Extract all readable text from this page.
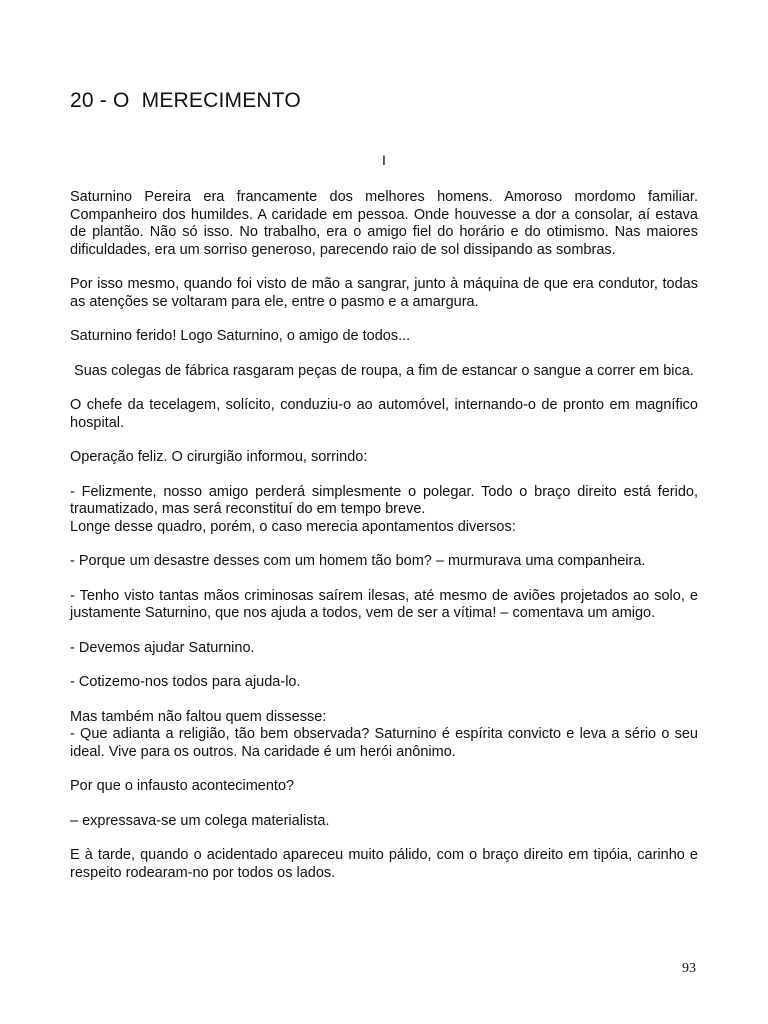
20 - O  MERECIMENTO

I

Saturnino Pereira era francamente dos melhores homens. Amoroso mordomo familiar. Companheiro dos humildes. A caridade em pessoa. Onde houvesse a dor a consolar, aí estava de plantão. Não só isso. No trabalho, era o amigo fiel do horário e do otimismo. Nas maiores dificuldades, era um sorriso generoso, parecendo raio de sol dissipando as sombras.

Por isso mesmo, quando foi visto de mão a sangrar, junto à máquina de que era condutor, todas as atenções se voltaram para ele, entre o pasmo e a amargura.

Saturnino ferido! Logo Saturnino, o amigo de todos...

Suas colegas de fábrica rasgaram peças de roupa, a fim de estancar o sangue a correr em bica.

O chefe da tecelagem, solícito, conduziu-o ao automóvel, internando-o de pronto em magnífico hospital.

Operação feliz. O cirurgião informou, sorrindo:

- Felizmente, nosso amigo perderá simplesmente o polegar. Todo o braço direito está ferido, traumatizado, mas será reconstituí do em tempo breve.

Longe desse quadro, porém, o caso merecia apontamentos diversos:

- Porque um desastre desses com um homem tão bom? – murmurava uma companheira.

- Tenho visto tantas mãos criminosas saírem ilesas, até mesmo de aviões projetados ao solo, e justamente Saturnino, que nos ajuda a todos, vem de ser a vítima! – comentava um amigo.

- Devemos ajudar Saturnino.

- Cotizemo-nos todos para ajuda-lo.

Mas também não faltou quem dissesse:

- Que adianta a religião, tão bem observada? Saturnino é espírita convicto e leva a sério o seu ideal. Vive para os outros. Na caridade é um herói anônimo.

Por que o infausto acontecimento?

– expressava-se um colega materialista.

E à tarde, quando o acidentado apareceu muito pálido, com o braço direito em tipóia, carinho e respeito rodearam-no por todos os lados.

93
